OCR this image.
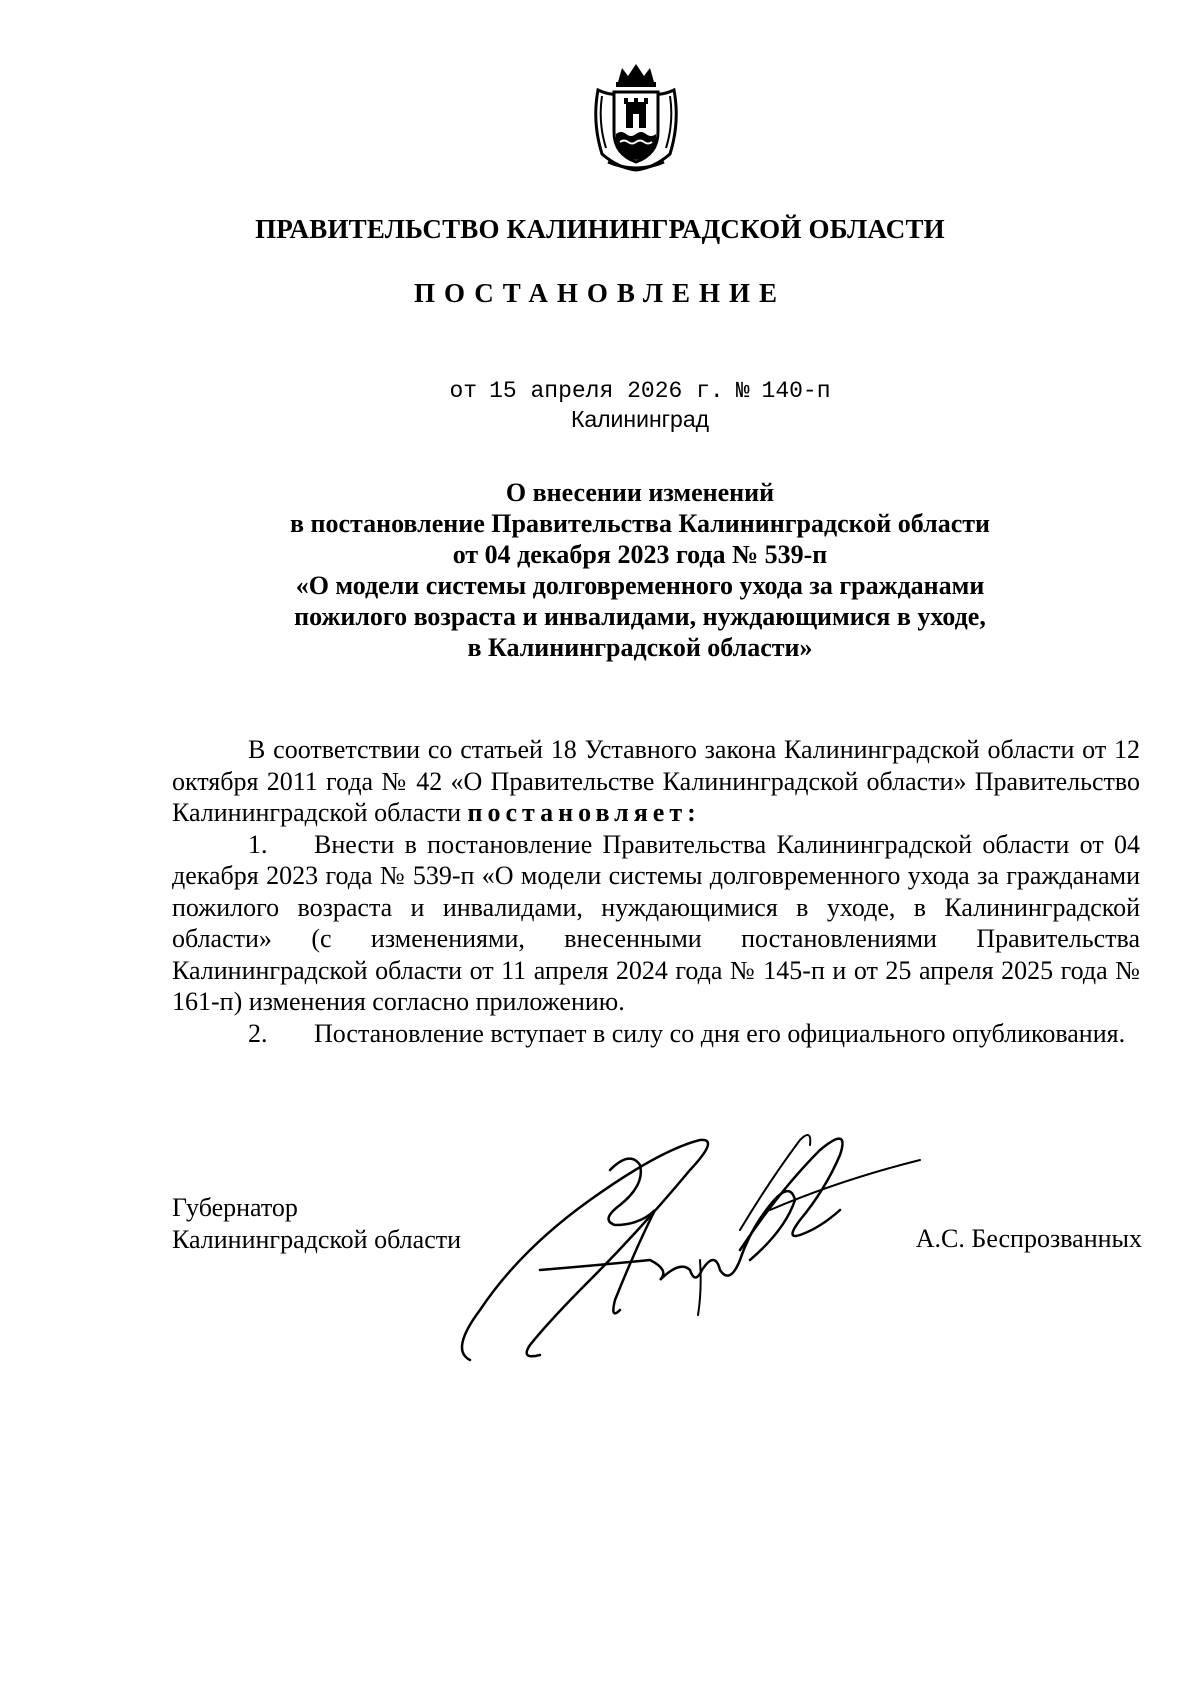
ПРАВИТЕЛЬСТВО КАЛИНИНГРАДСКОЙ ОБЛАСТИ
ПОСТАНОВЛЕНИЕ
от 15 апреля 2026 г. № 140-п
Калининград
О внесении изменений
в постановление Правительства Калининградской области
от 04 декабря 2023 года № 539-п
«О модели системы долговременного ухода за гражданами
пожилого возраста и инвалидами, нуждающимися в уходе,
в Калининградской области»

В соответствии со статьей 18 Уставного закона Калининградской области от 12 октября 2011 года № 42 «О Правительстве Калининградской области» Правительство Калининградской области постановляет:

1. Внести в постановление Правительства Калининградской области от 04 декабря 2023 года № 539-п «О модели системы долговременного ухода за гражданами пожилого возраста и инвалидами, нуждающимися в уходе, в Калининградской области» (с изменениями, внесенными постановлениями Правительства Калининградской области от 11 апреля 2024 года № 145-п и от 25 апреля 2025 года № 161-п) изменения согласно приложению.

2. Постановление вступает в силу со дня его официального опубликования.

Губернатор
Калининградской области	А.С. Беспрозванных
